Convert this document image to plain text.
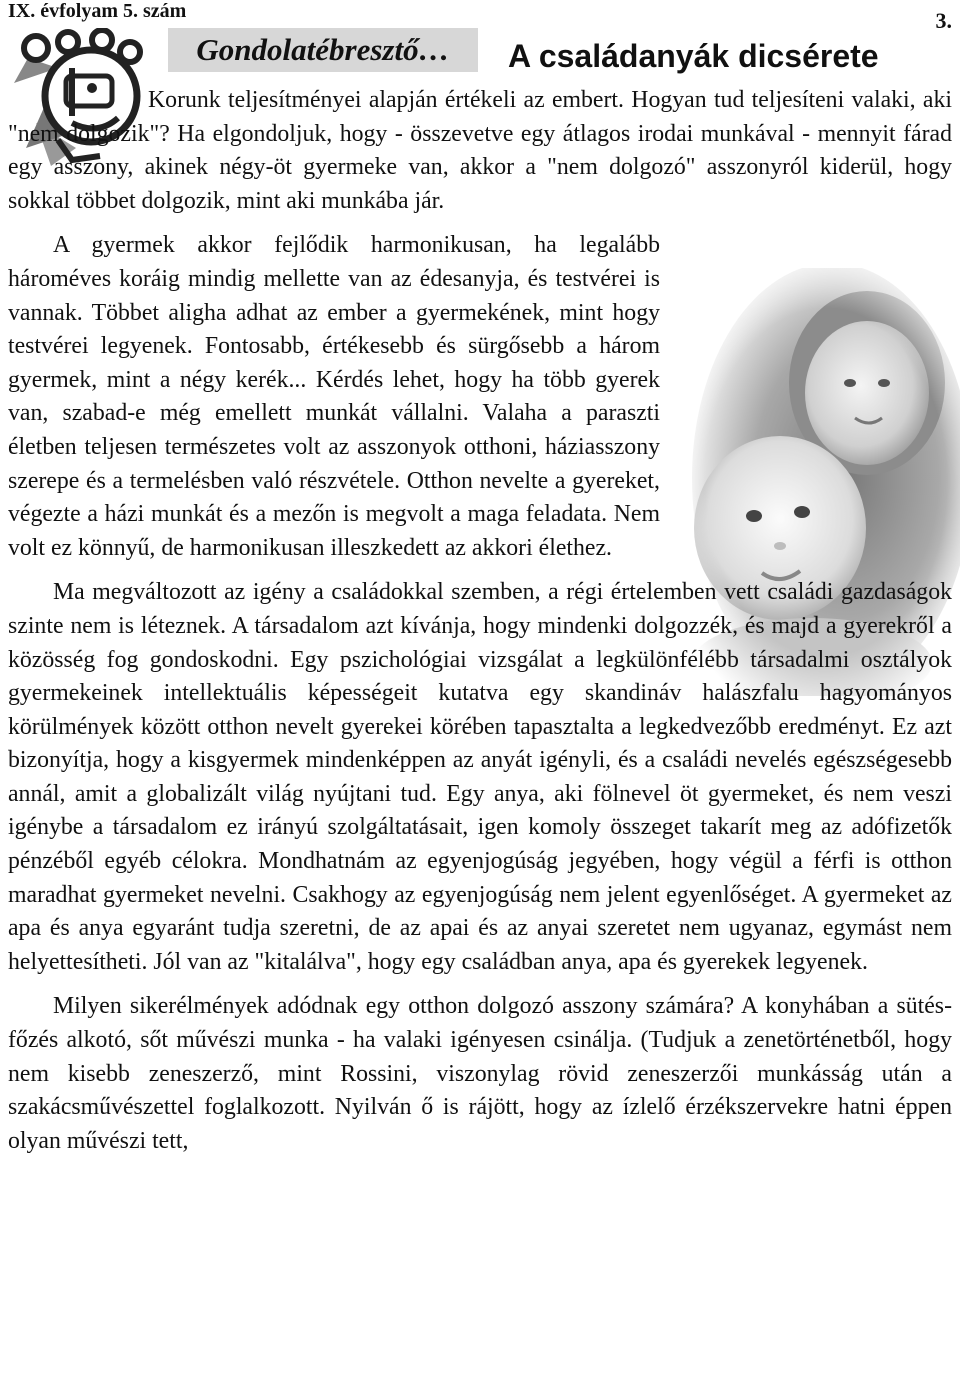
IX. évfolyam 5. szám	3.
Gondolatébresztő… A családanyák dicsérete

Korunk teljesítményei alapján értékeli az embert. Hogyan tud teljesíteni valaki, aki "nem dolgozik"? Ha elgondoljuk, hogy - összevetve egy átlagos irodai munkával - mennyit fárad egy asszony, akinek négy-öt gyermeke van, akkor a "nem dolgozó" asszonyról kiderül, hogy sokkal többet dolgozik, mint aki munkába jár.

A gyermek akkor fejlődik harmonikusan, ha legalább hároméves koráig mindig mellette van az édesanyja, és testvérei is vannak. Többet aligha adhat az ember a gyermekének, mint hogy testvérei legyenek. Fontosabb, értékesebb és sürgősebb a három gyermek, mint a négy kerék... Kérdés lehet, hogy ha több gyerek van, szabad-e még emellett munkát vállalni. Valaha a paraszti életben teljesen természetes volt az asszonyok otthoni, háziasszony szerepe és a termelésben való részvétele. Otthon nevelte a gyereket, végezte a házi munkát és a mezőn is megvolt a maga feladata. Nem volt ez könnyű, de harmonikusan illeszkedett az akkori élethez.

Ma megváltozott az igény a családokkal szemben, a régi értelemben vett családi gazdaságok szinte nem is léteznek. A társadalom azt kívánja, hogy mindenki dolgozzék, és majd a gyerekről a közösség fog gondoskodni. Egy pszichológiai vizsgálat a legkülönfélébb társadalmi osztályok gyermekeinek intellektuális képességeit kutatva egy skandináv halászfalu hagyományos körülmények között otthon nevelt gyerekei körében tapasztalta a legkedvezőbb eredményt. Ez azt bizonyítja, hogy a kisgyermek mindenképpen az anyát igényli, és a családi nevelés egészségesebb annál, amit a globalizált világ nyújtani tud. Egy anya, aki fölnevel öt gyermeket, és nem veszi igénybe a társadalom ez irányú szolgáltatásait, igen komoly összeget takarít meg az adófizetők pénzéből egyéb célokra. Mondhatnám az egyenjogúság jegyében, hogy végül a férfi is otthon maradhat gyermeket nevelni. Csakhogy az egyenjogúság nem jelent egyenlőséget. A gyermeket az apa és anya egyaránt tudja szeretni, de az apai és az anyai szeretet nem ugyanaz, egymást nem helyettesítheti. Jól van az "kitalálva", hogy egy családban anya, apa és gyerekek legyenek.

Milyen sikerélmények adódnak egy otthon dolgozó asszony számára? A konyhában a sütés-főzés alkotó, sőt művészi munka - ha valaki igényesen csinálja. (Tudjuk a zenetörténetből, hogy nem kisebb zeneszerző, mint Rossini, viszonylag rövid zeneszerzői munkásság után a szakácsművészettel foglalkozott. Nyilván ő is rájött, hogy az ízlelő érzékszervekre hatni éppen olyan művészi tett,
